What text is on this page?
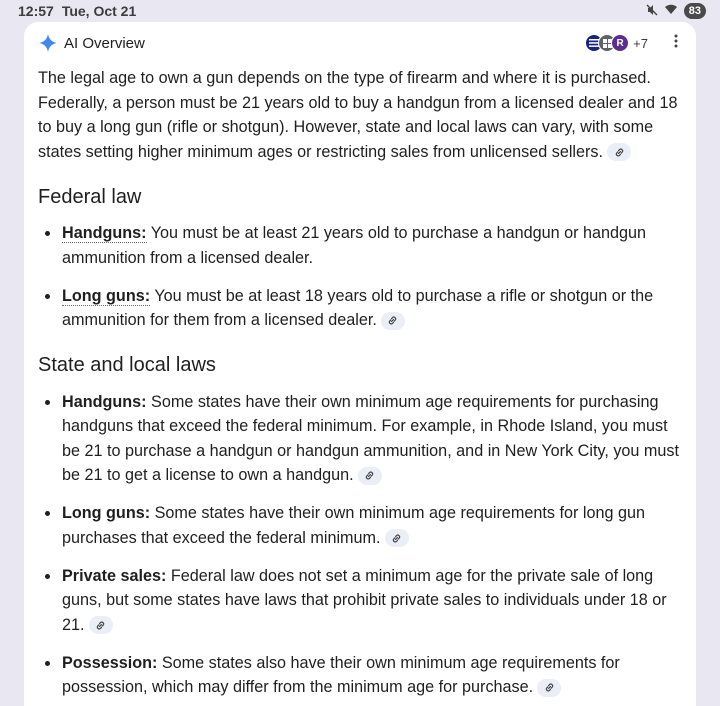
12:57 Tue, Oct 21	83
AI Overview	R +7

The legal age to own a gun depends on the type of firearm and where it is purchased. Federally, a person must be 21 years old to buy a handgun from a licensed dealer and 18 to buy a long gun (rifle or shotgun). However, state and local laws can vary, with some states setting higher minimum ages or restricting sales from unlicensed sellers.

Federal law
Handguns: You must be at least 21 years old to purchase a handgun or handgun ammunition from a licensed dealer.
Long guns: You must be at least 18 years old to purchase a rifle or shotgun or the ammunition for them from a licensed dealer.
State and local laws
Handguns: Some states have their own minimum age requirements for purchasing handguns that exceed the federal minimum. For example, in Rhode Island, you must be 21 to purchase a handgun or handgun ammunition, and in New York City, you must be 21 to get a license to own a handgun.
Long guns: Some states have their own minimum age requirements for long gun purchases that exceed the federal minimum.
Private sales: Federal law does not set a minimum age for the private sale of long guns, but some states have laws that prohibit private sales to individuals under 18 or 21.
Possession: Some states also have their own minimum age requirements for possession, which may differ from the minimum age for purchase.
